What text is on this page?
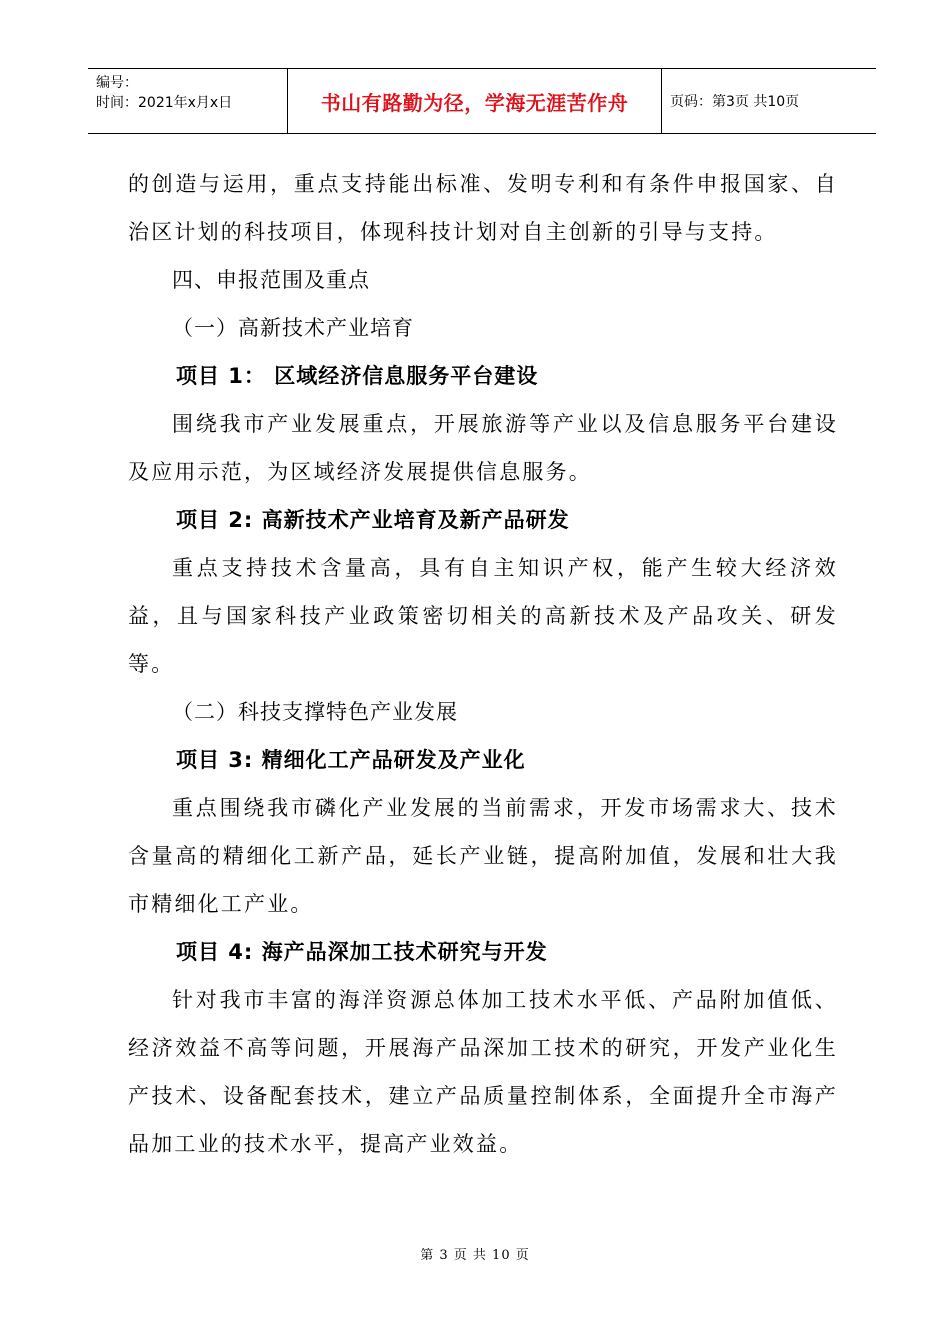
编号：
时间：2021年x月x日	书山有路勤为径，学海无涯苦作舟	页码：第3页 共10页

的创造与运用，重点支持能出标准、发明专利和有条件申报国家、自治区计划的科技项目，体现科技计划对自主创新的引导与支持。

四、申报范围及重点

（一）高新技术产业培育

项目 1： 区域经济信息服务平台建设

围绕我市产业发展重点，开展旅游等产业以及信息服务平台建设及应用示范，为区域经济发展提供信息服务。

项目 2: 高新技术产业培育及新产品研发

重点支持技术含量高，具有自主知识产权，能产生较大经济效益，且与国家科技产业政策密切相关的高新技术及产品攻关、研发等。

（二）科技支撑特色产业发展

项目 3: 精细化工产品研发及产业化

重点围绕我市磷化产业发展的当前需求，开发市场需求大、技术含量高的精细化工新产品，延长产业链，提高附加值，发展和壮大我市精细化工产业。

项目 4: 海产品深加工技术研究与开发

针对我市丰富的海洋资源总体加工技术水平低、产品附加值低、经济效益不高等问题，开展海产品深加工技术的研究，开发产业化生产技术、设备配套技术，建立产品质量控制体系，全面提升全市海产品加工业的技术水平，提高产业效益。

第 3 页 共 10 页
